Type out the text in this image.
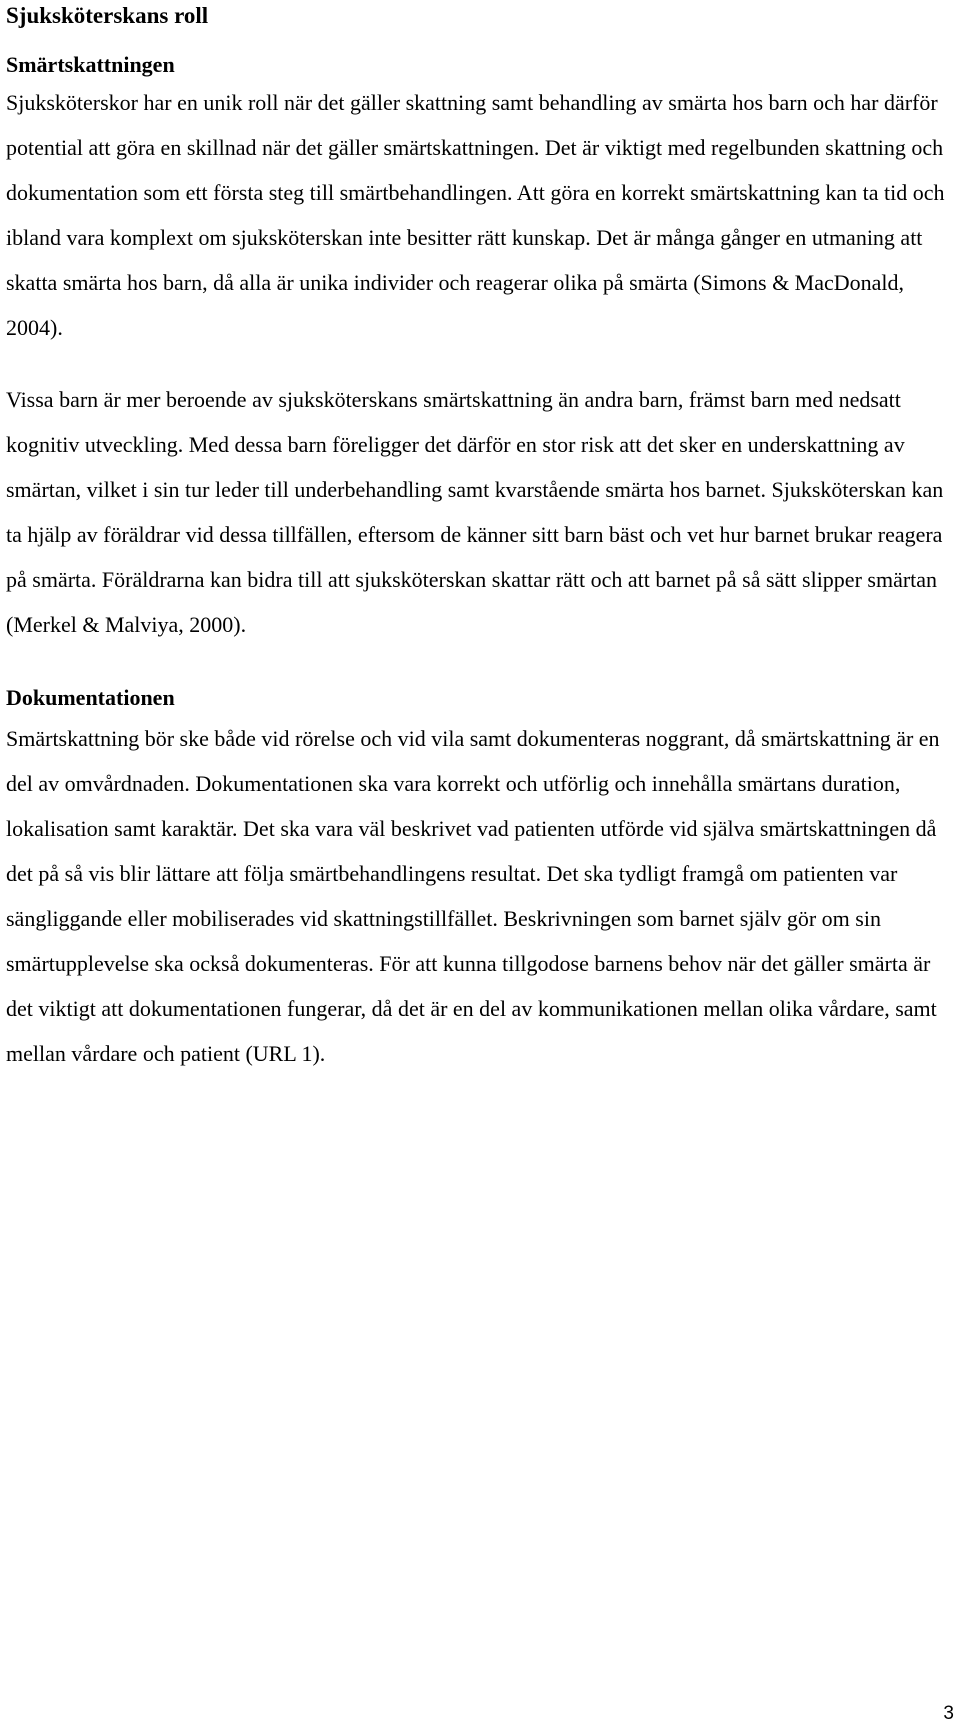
Sjuksköterskans roll
Smärtskattningen

Sjuksköterskor har en unik roll när det gäller skattning samt behandling av smärta hos barn och har därför potential att göra en skillnad när det gäller smärtskattningen. Det är viktigt med regelbunden skattning och dokumentation som ett första steg till smärtbehandlingen. Att göra en korrekt smärtskattning kan ta tid och ibland vara komplext om sjuksköterskan inte besitter rätt kunskap. Det är många gånger en utmaning att skatta smärta hos barn, då alla är unika individer och reagerar olika på smärta (Simons & MacDonald, 2004).

Vissa barn är mer beroende av sjuksköterskans smärtskattning än andra barn, främst barn med nedsatt kognitiv utveckling. Med dessa barn föreligger det därför en stor risk att det sker en underskattning av smärtan, vilket i sin tur leder till underbehandling samt kvarstående smärta hos barnet. Sjuksköterskan kan ta hjälp av föräldrar vid dessa tillfällen, eftersom de känner sitt barn bäst och vet hur barnet brukar reagera på smärta. Föräldrarna kan bidra till att sjuksköterskan skattar rätt och att barnet på så sätt slipper smärtan (Merkel & Malviya, 2000).

Dokumentationen

Smärtskattning bör ske både vid rörelse och vid vila samt dokumenteras noggrant, då smärtskattning är en del av omvårdnaden. Dokumentationen ska vara korrekt och utförlig och innehålla smärtans duration, lokalisation samt karaktär. Det ska vara väl beskrivet vad patienten utförde vid själva smärtskattningen då det på så vis blir lättare att följa smärtbehandlingens resultat. Det ska tydligt framgå om patienten var sängliggande eller mobiliserades vid skattningstillfället. Beskrivningen som barnet själv gör om sin smärtupplevelse ska också dokumenteras. För att kunna tillgodose barnens behov när det gäller smärta är det viktigt att dokumentationen fungerar, då det är en del av kommunikationen mellan olika vårdare, samt mellan vårdare och patient (URL 1).

3
